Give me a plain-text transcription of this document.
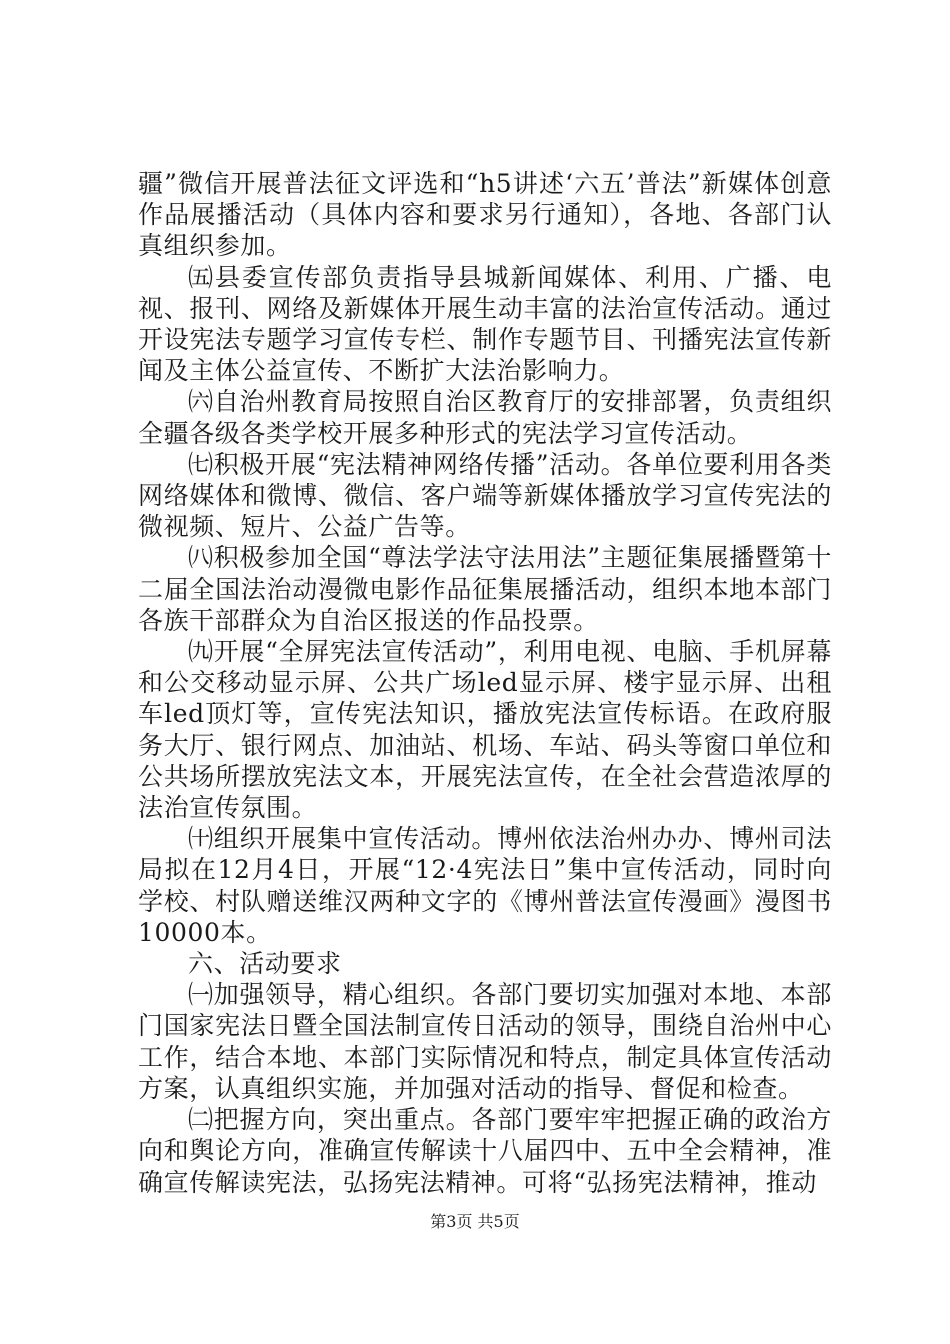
疆”微信开展普法征文评选和“h5讲述‘六五’普法”新媒体创意作品展播活动（具体内容和要求另行通知），各地、各部门认真组织参加。

㈤县委宣传部负责指导县城新闻媒体、利用、广播、电视、报刊、网络及新媒体开展生动丰富的法治宣传活动。通过开设宪法专题学习宣传专栏、制作专题节目、刊播宪法宣传新闻及主体公益宣传、不断扩大法治影响力。

㈥自治州教育局按照自治区教育厅的安排部署，负责组织全疆各级各类学校开展多种形式的宪法学习宣传活动。

㈦积极开展“宪法精神网络传播”活动。各单位要利用各类网络媒体和微博、微信、客户端等新媒体播放学习宣传宪法的微视频、短片、公益广告等。

㈧积极参加全国“尊法学法守法用法”主题征集展播暨第十二届全国法治动漫微电影作品征集展播活动，组织本地本部门各族干部群众为自治区报送的作品投票。

㈨开展“全屏宪法宣传活动”，利用电视、电脑、手机屏幕和公交移动显示屏、公共广场led显示屏、楼宇显示屏、出租车led顶灯等，宣传宪法知识，播放宪法宣传标语。在政府服务大厅、银行网点、加油站、机场、车站、码头等窗口单位和公共场所摆放宪法文本，开展宪法宣传，在全社会营造浓厚的法治宣传氛围。

㈩组织开展集中宣传活动。博州依法治州办办、博州司法局拟在12月4日，开展“12·4宪法日”集中宣传活动，同时向学校、村队赠送维汉两种文字的《博州普法宣传漫画》漫图书10000本。

六、活动要求

㈠加强领导，精心组织。各部门要切实加强对本地、本部门国家宪法日暨全国法制宣传日活动的领导，围绕自治州中心工作，结合本地、本部门实际情况和特点，制定具体宣传活动方案，认真组织实施，并加强对活动的指导、督促和检查。

㈡把握方向，突出重点。各部门要牢牢把握正确的政治方向和舆论方向，准确宣传解读十八届四中、五中全会精神，准确宣传解读宪法，弘扬宪法精神。可将“弘扬宪法精神，推动

第3页 共5页
